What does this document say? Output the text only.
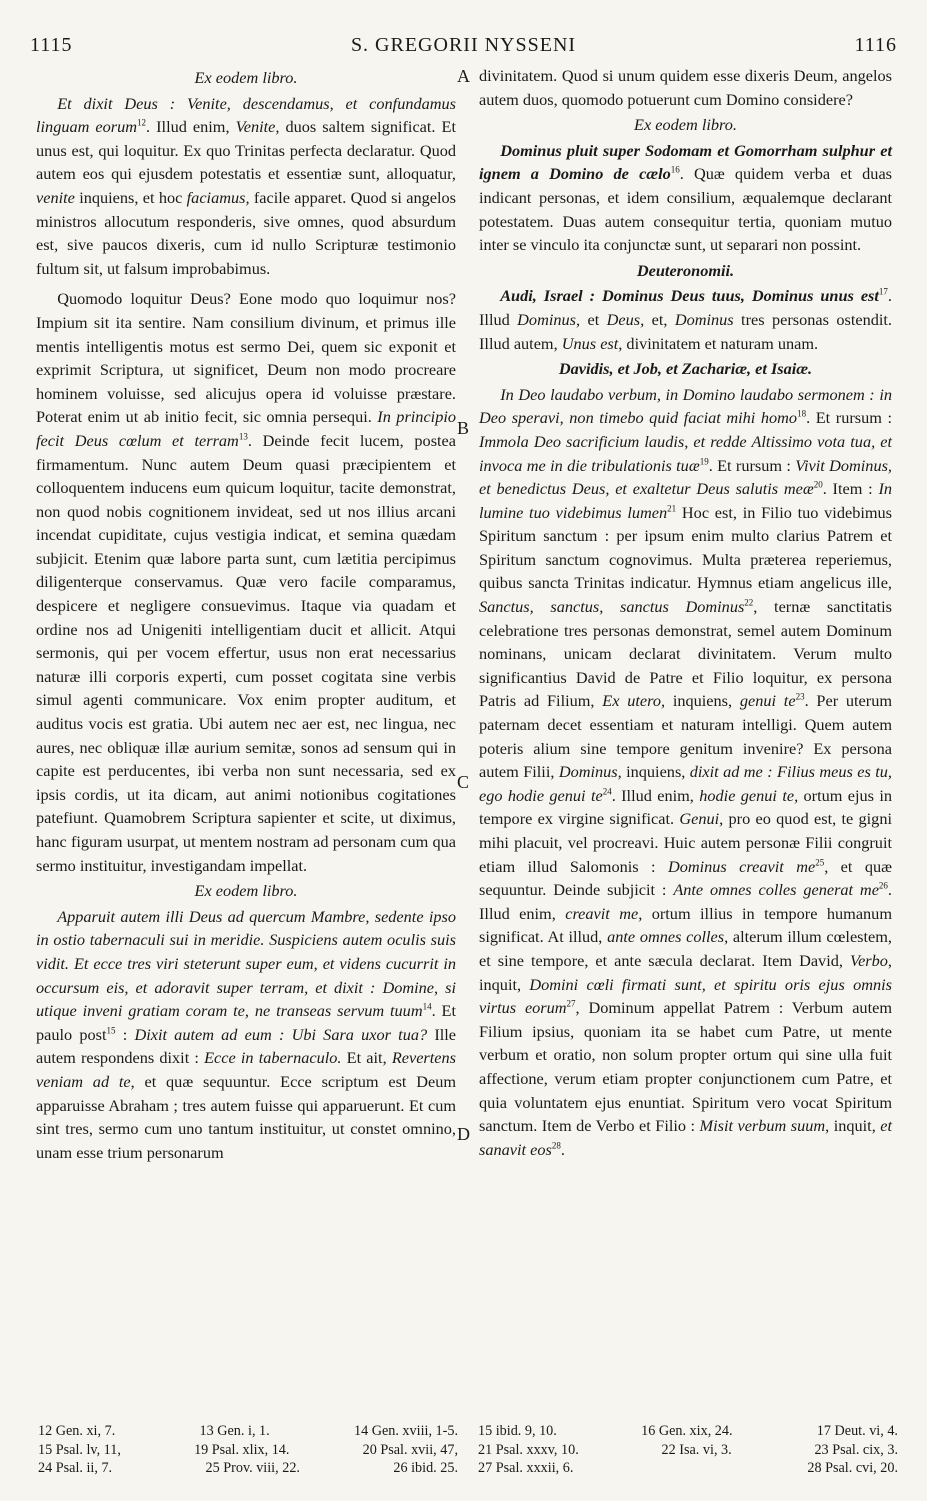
1115	S. GREGORII NYSSENI	1116
Ex eodem libro.

Et dixit Deus : Venite, descendamus, et confundamus linguam eorum$^{12}$. Illud enim, Venite, duos saltem significat. Et unus est, qui loquitur. Ex quo Trinitas perfecta declaratur. Quod autem eos qui ejusdem potestatis et essentiæ sunt, alloquatur, venite inquiens, et hoc faciamus, facile apparet. Quod si angelos ministros allocutum responderis, sive omnes, quod absurdum est, sive paucos dixeris, cum id nullo Scripturæ testimonio fultum sit, ut falsum improbabimus.

Quomodo loquitur Deus? Eone modo quo loquimur nos? Impium sit ita sentire. Nam consilium divinum, et primus ille mentis intelligentis motus est sermo Dei, quem sic exponit et exprimit Scriptura, ut significet, Deum non modo procreare hominem voluisse, sed alicujus opera id voluisse præstare. Poterat enim ut ab initio fecit, sic omnia persequi. In principio fecit Deus cœlum et terram$^{13}$. Deinde fecit lucem, postea firmamentum. Nunc autem Deum quasi præcipientem et colloquentem inducens eum quicum loquitur, tacite demonstrat, non quod nobis cognitionem invideat, sed ut nos illius arcani incendat cupiditate, cujus vestigia indicat, et semina quædam subjicit. Etenim quæ labore parta sunt, cum lætitia percipimus diligenterque conservamus. Quæ vero facile comparamus, despicere et negligere consuevimus. Itaque via quadam et ordine nos ad Unigeniti intelligentiam ducit et allicit. Atqui sermonis, qui per vocem effertur, usus non erat necessarius naturæ illi corporis experti, cum posset cogitata sine verbis simul agenti communicare. Vox enim propter auditum, et auditus vocis est gratia. Ubi autem nec aer est, nec lingua, nec aures, nec obliquæ illæ aurium semitæ, sonos ad sensum qui in capite est perducentes, ibi verba non sunt necessaria, sed ex ipsis cordis, ut ita dicam, aut animi notionibus cogitationes patefiunt. Quamobrem Scriptura sapienter et scite, ut diximus, hanc figuram usurpat, ut mentem nostram ad personam cum qua sermo instituitur, investigandam impellat.

Ex eodem libro.

Apparuit autem illi Deus ad quercum Mambre, sedente ipso in ostio tabernaculi sui in meridie. Suspiciens autem oculis suis vidit. Et ecce tres viri steterunt super eum, et videns cucurrit in occursum eis, et adoravit super terram, et dixit : Domine, si utique inveni gratiam coram te, ne transeas servum tuum$^{14}$. Et paulo post$^{15}$ : Dixit autem ad eum : Ubi Sara uxor tua? Ille autem respondens dixit : Ecce in tabernaculo. Et ait, Revertens veniam ad te, et quæ sequuntur. Ecce scriptum est Deum apparuisse Abraham ; tres autem fuisse qui apparuerunt. Et cum sint tres, sermo cum uno tantum instituitur, ut constet omnino, unam esse trium personarum

divinitatem. Quod si unum quidem esse dixeris Deum, angelos autem duos, quomodo potuerunt cum Domino considere?

Ex eodem libro.

Dominus pluit super Sodomam et Gomorrham sulphur et ignem a Domino de cælo$^{16}$. Quæ quidem verba et duas indicant personas, et idem consilium, æqualemque declarant potestatem. Duas autem consequitur tertia, quoniam mutuo inter se vinculo ita conjunctæ sunt, ut separari non possint.

Deuteronomii.

Audi, Israel : Dominus Deus tuus, Dominus unus est$^{17}$. Illud Dominus, et Deus, et, Dominus tres personas ostendit. Illud autem, Unus est, divinitatem et naturam unam.

Davidis, et Job, et Zachariæ, et Isaiæ.

In Deo laudabo verbum, in Domino laudabo sermonem : in Deo speravi, non timebo quid faciat mihi homo$^{18}$. Et rursum : Immola Deo sacrificium laudis, et redde Altissimo vota tua, et invoca me in die tribulationis tuæ$^{19}$. Et rursum : Vivit Dominus, et benedictus Deus, et exaltetur Deus salutis meæ$^{20}$. Item : In lumine tuo videbimus lumen$^{21}$ Hoc est, in Filio tuo videbimus Spiritum sanctum : per ipsum enim multo clarius Patrem et Spiritum sanctum cognovimus. Multa præterea reperiemus, quibus sancta Trinitas indicatur. Hymnus etiam angelicus ille, Sanctus, sanctus, sanctus Dominus$^{22}$, ternæ sanctitatis celebratione tres personas demonstrat, semel autem Dominum nominans, unicam declarat divinitatem. Verum multo significantius David de Patre et Filio loquitur, ex persona Patris ad Filium, Ex utero, inquiens, genui $te^{23}$. Per uterum paternam decet essentiam et naturam intelligi. Quem autem poteris alium sine tempore genitum invenire? Ex persona autem Filii, Dominus, inquiens, dixit ad me : Filius meus es tu, ego hodie genui $te^{24}$. Illud enim, hodie genui te, ortum ejus in tempore ex virgine significat. Genui, pro eo quod est, te gigni mihi placuit, vel procreavi. Huic autem personæ Filii congruit etiam illud Salomonis : Dominus creavit $me^{25}$, et quæ sequuntur. Deinde subjicit : Ante omnes colles generat $me^{26}$. Illud enim, creavit me, ortum illius in tempore humanum significat. At illud, ante omnes colles, alterum illum cœlestem, et sine tempore, et ante sæcula declarat. Item David, Verbo, inquit, Domini cœli firmati sunt, et spiritu oris ejus omnis virtus eorum$^{27}$, Dominum appellat Patrem : Verbum autem Filium ipsius, quoniam ita se habet cum Patre, ut mente verbum et oratio, non solum propter ortum qui sine ulla fuit affectione, verum etiam propter conjunctionem cum Patre, et quia voluntatem ejus enuntiat. Spiritum vero vocat Spiritum sanctum. Item de Verbo et Filio : Misit verbum suum, inquit, et sanavit eos$^{28}$.

A
B
C
D
12 Gen. xi, 7.	13 Gen. i, 1.	14 Gen. xviii, 1-5.
15 Psal. lv, 11,	19 Psal. xlix, 14.	20 Psal. xvii, 47,
24 Psal. ii, 7.	25 Prov. viii, 22.	26 ibid. 25.
15 ibid. 9, 10.	16 Gen. xix, 24.	17 Deut. vi, 4.
21 Psal. xxxv, 10.	22 Isa. vi, 3.	23 Psal. cix, 3.
27 Psal. xxxii, 6.	28 Psal. cvi, 20.
